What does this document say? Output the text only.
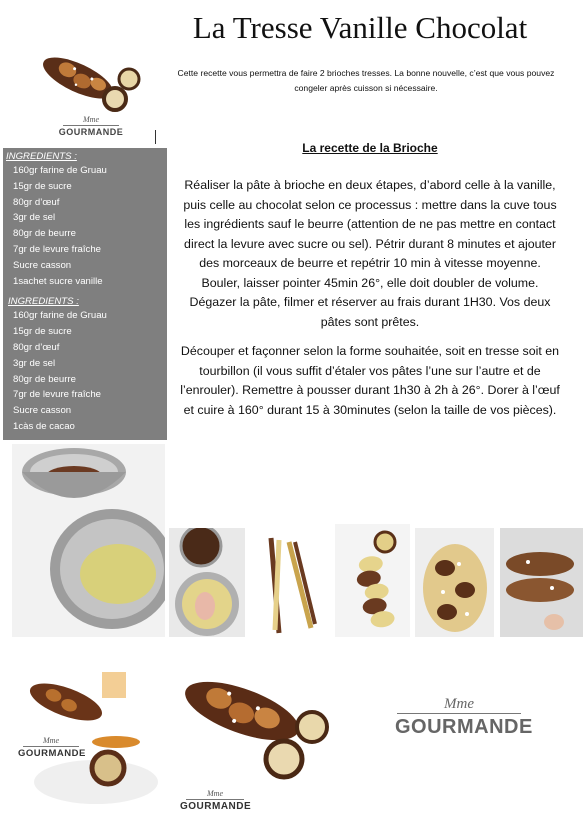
La Tresse Vanille Chocolat
Cette recette vous permettra de faire 2 brioches tresses. La bonne nouvelle, c’est que vous pouvez congeler après cuisson si nécessaire.
Mme
GOURMANDE
INGREDIENTS :
160gr farine de Gruau
15gr de sucre
80gr d’œuf
3gr de sel
80gr de beurre
7gr de levure fraîche
Sucre casson
1sachet sucre vanille
INGREDIENTS :
160gr farine de Gruau
15gr de sucre
80gr d’œuf
3gr de sel
80gr de beurre
7gr de levure fraîche
Sucre casson
1càs de cacao
La recette de la Brioche

Réaliser la pâte à brioche en deux étapes, d’abord celle à la vanille, puis celle au chocolat selon ce processus : mettre dans la cuve tous les ingrédients sauf le beurre (attention de ne pas mettre en contact direct la levure avec sucre ou sel). Pétrir durant 8 minutes et ajouter des morceaux de beurre et repétrir 10 min à vitesse moyenne. Bouler, laisser pointer 45min 26°, elle doit doubler de volume. Dégazer la pâte, filmer et réserver au frais durant 1H30. Vos deux pâtes sont prêtes.

Découper et façonner selon la forme souhaitée, soit en tresse soit en tourbillon (il vous suffit d’étaler vos pâtes l’une sur l’autre et de l’enrouler). Remettre à pousser durant 1h30 à 2h à 26°. Dorer à l’œuf et cuire à 160° durant 15 à 30minutes (selon la taille de vos pièces).

Mme
GOURMANDE
Mme
GOURMANDE
Mme
GOURMANDE
